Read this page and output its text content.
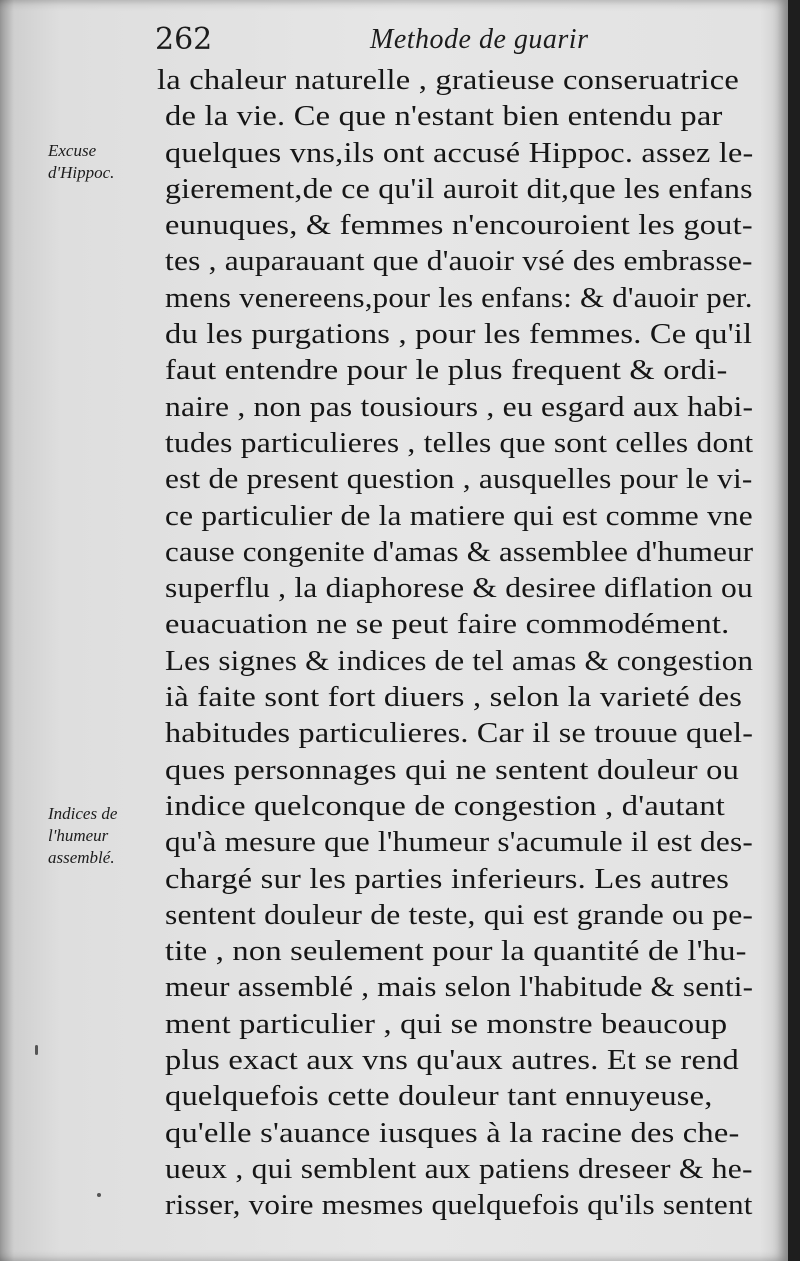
262	Methode de guarir
Excuse d'Hippoc.
Indices de l'humeur assemblé.
la chaleur naturelle , gratieuse conseruatrice
de la vie. Ce que n'estant bien entendu par
quelques vns,ils ont accusé Hippoc. assez le-
gierement,de ce qu'il auroit dit,que les enfans
eunuques, & femmes n'encouroient les gout-
tes , auparauant que d'auoir vsé des embrasse-
mens venereens,pour les enfans: & d'auoir per.
du les purgations , pour les femmes. Ce qu'il
faut entendre pour le plus frequent & ordi-
naire , non pas tousiours , eu esgard aux habi-
tudes particulieres , telles que sont celles dont
est de present question , ausquelles pour le vi-
ce particulier de la matiere qui est comme vne
cause congenite d'amas & assemblee d'humeur
superflu , la diaphorese & desiree diflation ou
euacuation ne se peut faire commodément.
Les signes & indices de tel amas & congestion
ià faite sont fort diuers , selon la varieté des
habitudes particulieres. Car il se trouue quel-
ques personnages qui ne sentent douleur ou
indice quelconque de congestion , d'autant
qu'à mesure que l'humeur s'acumule il est des-
chargé sur les parties inferieurs. Les autres
sentent douleur de teste, qui est grande ou pe-
tite , non seulement pour la quantité de l'hu-
meur assemblé , mais selon l'habitude & senti-
ment particulier , qui se monstre beaucoup
plus exact aux vns qu'aux autres. Et se rend
quelquefois cette douleur tant ennuyeuse,
qu'elle s'auance iusques à la racine des che-
ueux , qui semblent aux patiens dreseer & he-
risser, voire mesmes quelquefois qu'ils sentent
